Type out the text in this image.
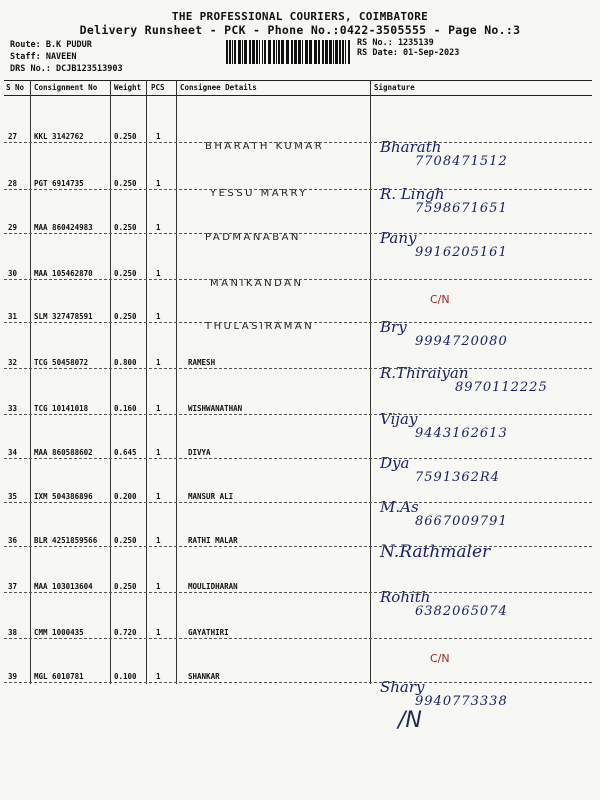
THE PROFESSIONAL COURIERS, COIMBATORE
Delivery Runsheet - PCK - Phone No.:0422-3505555 - Page No.:3
Route: B.K PUDUR
Staff: NAVEEN
DRS No.: DCJB123513903
RS No.: 1235139
RS Date: 01-Sep-2023
S No Consignment No Weight PCS Consignee Details	Signature
27 KKL 3142762	0.250	1
BHARATH KUMAR	Bharath
7708471512
28 PGT 6914735	0.250	1
YESSU MARRY	R. Lingh
7598671651
29 MAA 860424983	0.250	1
PADMANABAN	Pany
9916205161
30 MAA 105462870	0.250	1
MANIKANDAN
C/N
31 SLM 327478591	0.250	1
THULASIRAMAN	Bry
9994720080
32 TCG 50458072	0.800	1	RAMESH
R.Thiraiyan
8970112225
33 TCG 10141018	0.160	1	WISHWANATHAN
Vijay
9443162613
34 MAA 860588602	0.645	1	DIVYA
Dya
7591362R4
35 IXM 504386896	0.200	1	MANSUR ALI
M.As
8667009791
36 BLR 4251859566 0.250	1	RATHI MALAR
N.Rathmaler
37 MAA 103013604	0.250	1	MOULIDHARAN
Rohith
6382065074
38 CMM 1000435	0.720	1	GAYATHIRI
C/N
39 MGL 6010781	0.100	1	SHANKAR
Shary
9940773338
/N
